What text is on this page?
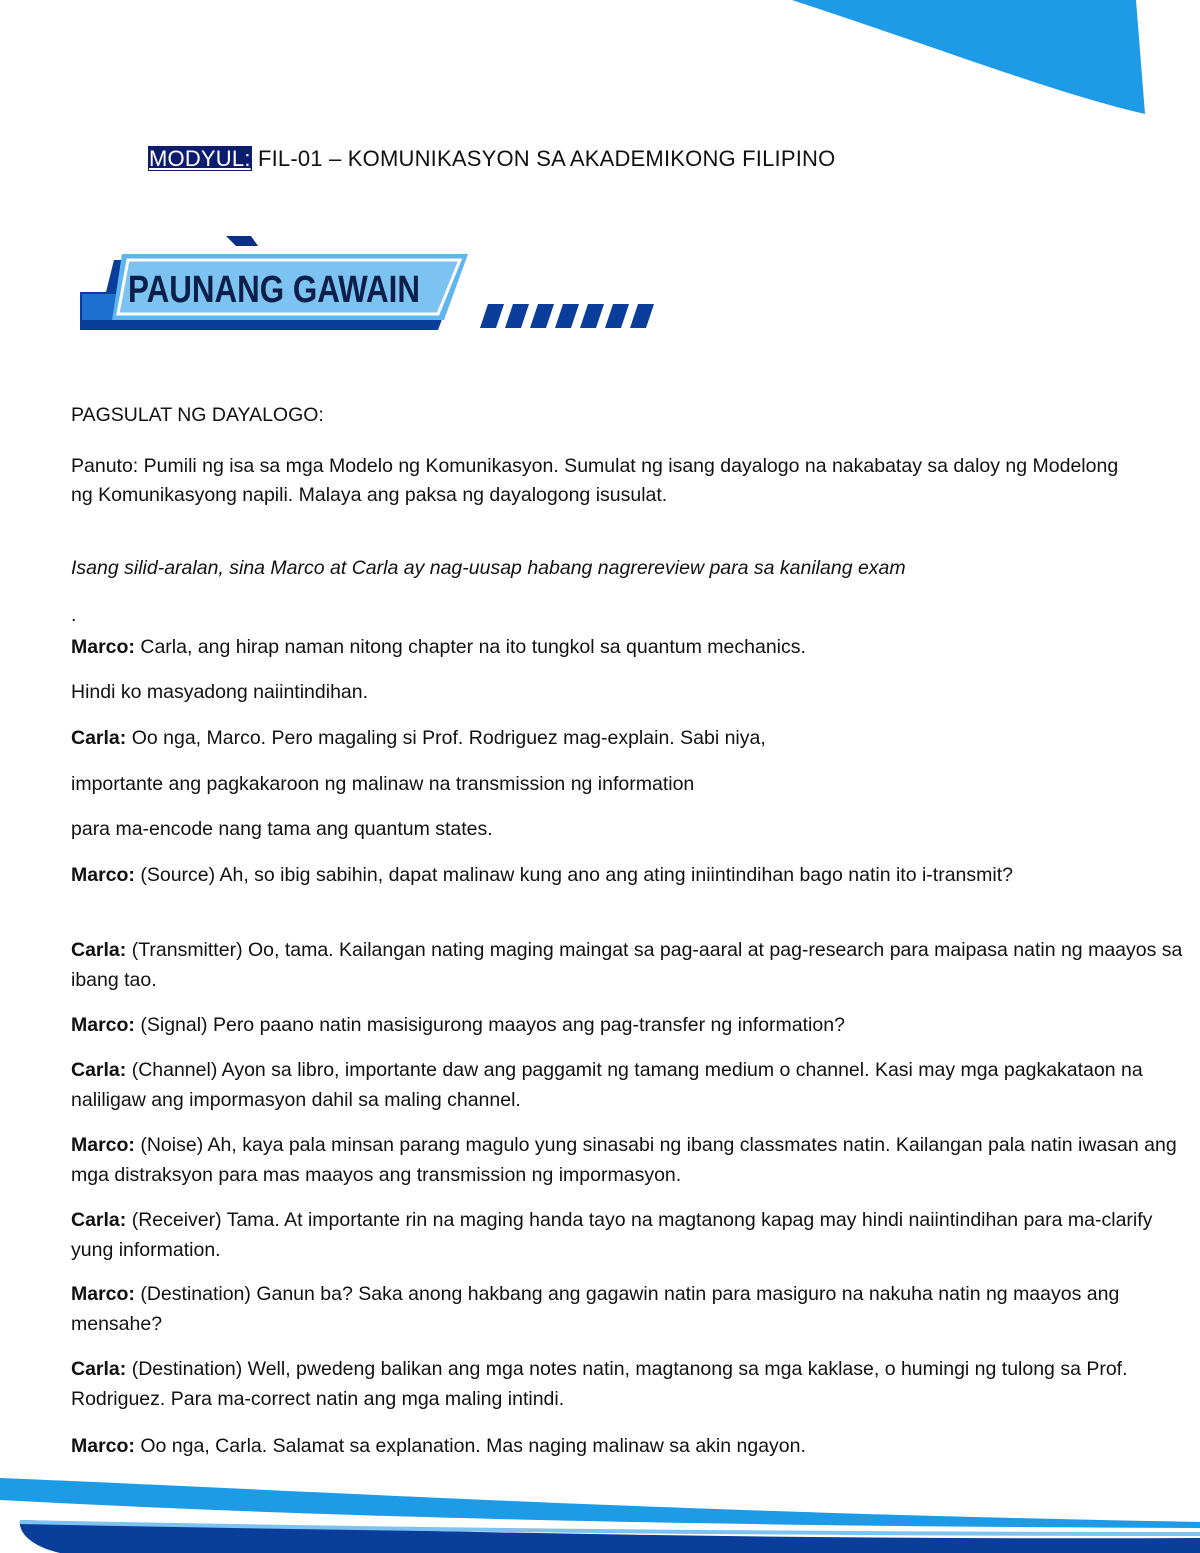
MODYUL: FIL-01 – KOMUNIKASYON SA AKADEMIKONG FILIPINO
PAUNANG GAWAIN
PAGSULAT NG DAYALOGO:
Panuto: Pumili ng isa sa mga Modelo ng Komunikasyon. Sumulat ng isang dayalogo na nakabatay sa daloy ng Modelong ng Komunikasyong napili. Malaya ang paksa ng dayalogong isusulat.
Isang silid-aralan, sina Marco at Carla ay nag-uusap habang nagrereview para sa kanilang exam
.
Marco: Carla, ang hirap naman nitong chapter na ito tungkol sa quantum mechanics.
Hindi ko masyadong naiintindihan.
Carla: Oo nga, Marco. Pero magaling si Prof. Rodriguez mag-explain. Sabi niya,
importante ang pagkakaroon ng malinaw na transmission ng information
para ma-encode nang tama ang quantum states.
Marco: (Source) Ah, so ibig sabihin, dapat malinaw kung ano ang ating iniintindihan bago natin ito i-transmit?
Carla: (Transmitter) Oo, tama. Kailangan nating maging maingat sa pag-aaral at pag-research para maipasa natin ng maayos sa ibang tao.
Marco: (Signal) Pero paano natin masisigurong maayos ang pag-transfer ng information?
Carla: (Channel) Ayon sa libro, importante daw ang paggamit ng tamang medium o channel. Kasi may mga pagkakataon na naliligaw ang impormasyon dahil sa maling channel.
Marco: (Noise) Ah, kaya pala minsan parang magulo yung sinasabi ng ibang classmates natin. Kailangan pala natin iwasan ang mga distraksyon para mas maayos ang transmission ng impormasyon.
Carla: (Receiver) Tama. At importante rin na maging handa tayo na magtanong kapag may hindi naiintindihan para ma-clarify yung information.
Marco: (Destination) Ganun ba? Saka anong hakbang ang gagawin natin para masiguro na nakuha natin ng maayos ang mensahe?
Carla: (Destination) Well, pwedeng balikan ang mga notes natin, magtanong sa mga kaklase, o humingi ng tulong sa Prof. Rodriguez. Para ma-correct natin ang mga maling intindi.
Marco: Oo nga, Carla. Salamat sa explanation. Mas naging malinaw sa akin ngayon.
